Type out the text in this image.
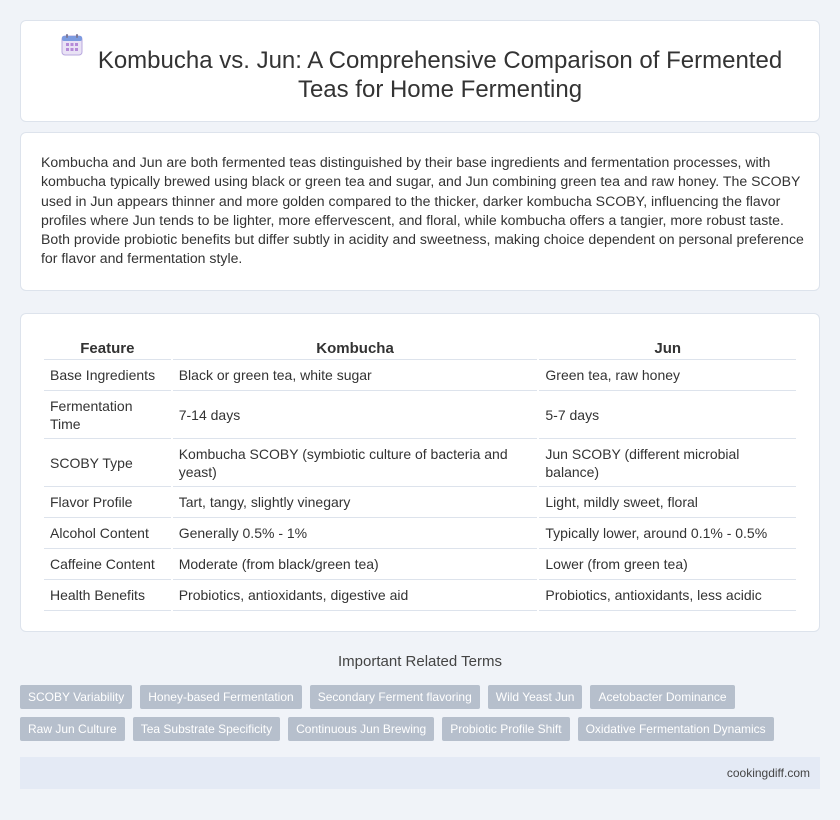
Kombucha vs. Jun: A Comprehensive Comparison of Fermented Teas for Home Fermenting

Kombucha and Jun are both fermented teas distinguished by their base ingredients and fermentation processes, with kombucha typically brewed using black or green tea and sugar, and Jun combining green tea and raw honey. The SCOBY used in Jun appears thinner and more golden compared to the thicker, darker kombucha SCOBY, influencing the flavor profiles where Jun tends to be lighter, more effervescent, and floral, while kombucha offers a tangier, more robust taste. Both provide probiotic benefits but differ subtly in acidity and sweetness, making choice dependent on personal preference for flavor and fermentation style.

Feature	Kombucha	Jun
Base Ingredients	Black or green tea, white sugar	Green tea, raw honey
Fermentation Time	7-14 days	5-7 days
SCOBY Type	Kombucha SCOBY (symbiotic culture of bacteria and yeast)	Jun SCOBY (different microbial balance)
Flavor Profile	Tart, tangy, slightly vinegary	Light, mildly sweet, floral
Alcohol Content	Generally 0.5% - 1%	Typically lower, around 0.1% - 0.5%
Caffeine Content	Moderate (from black/green tea)	Lower (from green tea)
Health Benefits	Probiotics, antioxidants, digestive aid	Probiotics, antioxidants, less acidic
Important Related Terms
SCOBY Variability	Honey-based Fermentation	Secondary Ferment flavoring	Wild Yeast Jun	Acetobacter Dominance
Raw Jun Culture	Tea Substrate Specificity	Continuous Jun Brewing	Probiotic Profile Shift	Oxidative Fermentation Dynamics
cookingdiff.com
